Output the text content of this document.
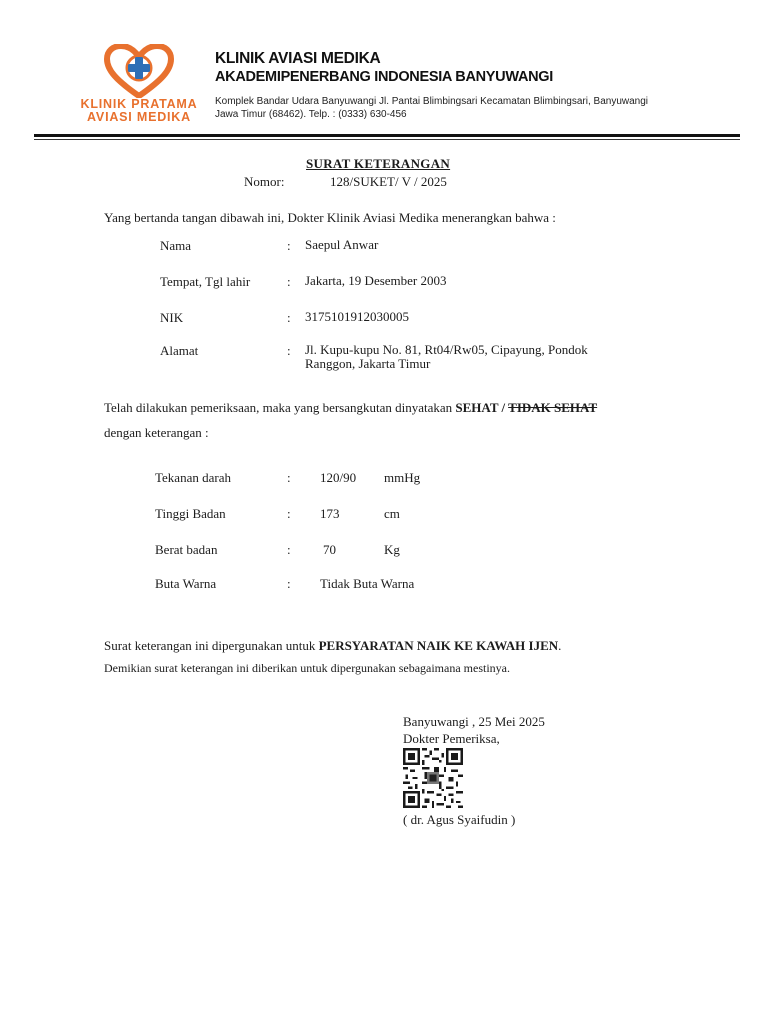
KLINIK PRATAMA
AVIASI MEDIKA
KLINIK AVIASI MEDIKA
AKADEMIPENERBANG INDONESIA BANYUWANGI
Komplek Bandar Udara Banyuwangi Jl. Pantai Blimbingsari Kecamatan Blimbingsari, Banyuwangi
Jawa Timur (68462). Telp. : (0333) 630-456
SURAT KETERANGAN
Nomor:	128/SUKET/ V / 2025
Yang bertanda tangan dibawah ini, Dokter Klinik Aviasi Medika menerangkan bahwa :
Nama	: Saepul Anwar
Tempat, Tgl lahir	: Jakarta, 19 Desember 2003
NIK	: 3175101912030005
Alamat	: Jl. Kupu-kupu No. 81, Rt04/Rw05, Cipayung, Pondok
Ranggon, Jakarta Timur
Telah dilakukan pemeriksaan, maka yang bersangkutan dinyatakan SEHAT / TIDAK SEHAT
dengan keterangan :
Tekanan darah	: 120/90 mmHg
Tinggi Badan	: 173	cm
Berat badan	: 70	Kg
Buta Warna	: Tidak Buta Warna
Surat keterangan ini dipergunakan untuk PERSYARATAN NAIK KE KAWAH IJEN.
Demikian surat keterangan ini diberikan untuk dipergunakan sebagaimana mestinya.
Banyuwangi , 25 Mei 2025
Dokter Pemeriksa,
( dr. Agus Syaifudin )
